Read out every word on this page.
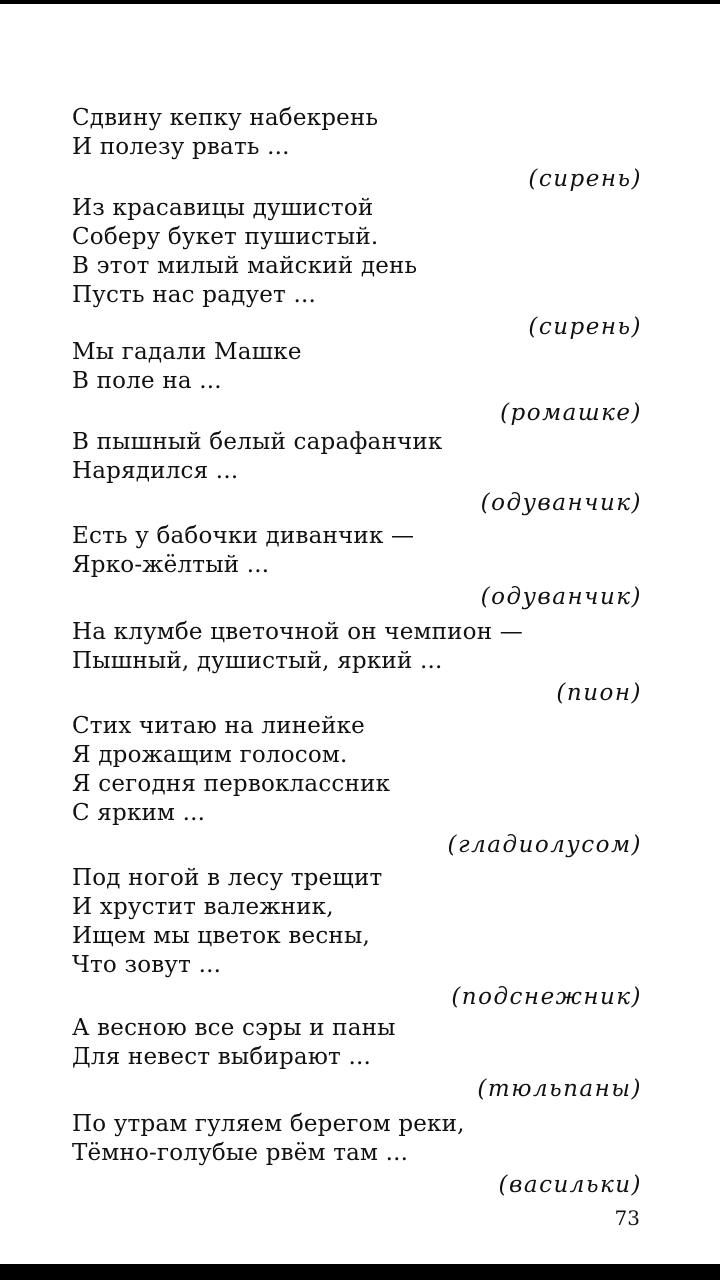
Сдвину кепку набекрень
И полезу рвать ...
(сирень)
Из красавицы душистой
Соберу букет пушистый.
В этот милый майский день
Пусть нас радует ...
(сирень)
Мы гадали Машке
В поле на ...
(ромашке)
В пышный белый сарафанчик
Нарядился ...
(одуванчик)
Есть у бабочки диванчик —
Ярко-жёлтый ...
(одуванчик)
На клумбе цветочной он чемпион —
Пышный, душистый, яркий ...
(пион)
Стих читаю на линейке
Я дрожащим голосом.
Я сегодня первоклассник
С ярким ...
(гладиолусом)
Под ногой в лесу трещит
И хрустит валежник,
Ищем мы цветок весны,
Что зовут ...
(подснежник)
А весною все сэры и паны
Для невест выбирают ...
(тюльпаны)
По утрам гуляем берегом реки,
Тёмно-голубые рвём там ...
(васильки)
73
